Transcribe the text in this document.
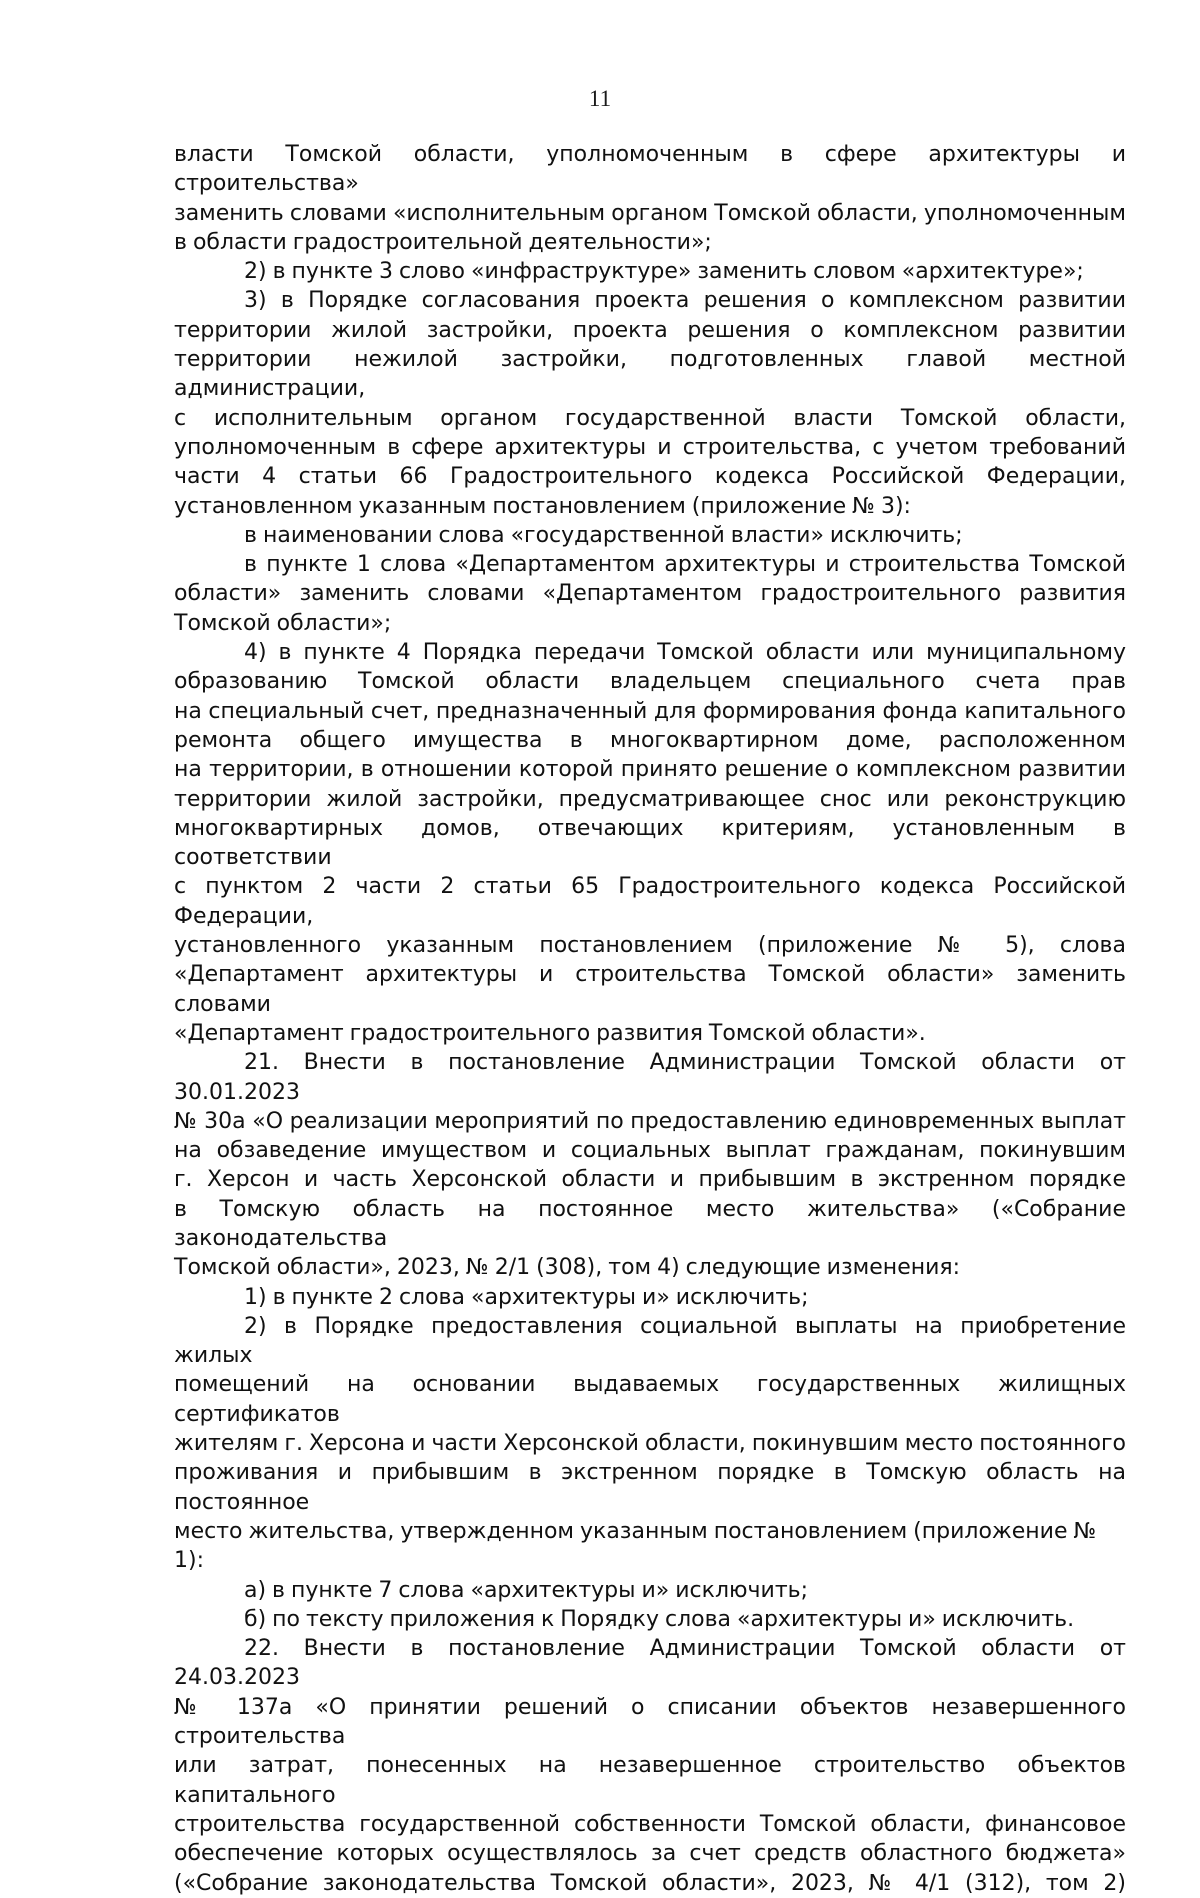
11

власти Томской области, уполномоченным в сфере архитектуры и строительства»

заменить словами «исполнительным органом Томской области, уполномоченным

в области градостроительной деятельности»;

2) в пункте 3 слово «инфраструктуре» заменить словом «архитектуре»;

3) в Порядке согласования проекта решения о комплексном развитии

территории жилой застройки, проекта решения о комплексном развитии

территории нежилой застройки, подготовленных главой местной администрации,

с исполнительным органом государственной власти Томской области,

уполномоченным в сфере архитектуры и строительства, с учетом требований

части 4 статьи 66 Градостроительного кодекса Российской Федерации,

установленном указанным постановлением (приложение № 3):

в наименовании слова «государственной власти» исключить;

в пункте 1 слова «Департаментом архитектуры и строительства Томской

области» заменить словами «Департаментом градостроительного развития

Томской области»;

4) в пункте 4 Порядка передачи Томской области или муниципальному

образованию Томской области владельцем специального счета прав

на специальный счет, предназначенный для формирования фонда капитального

ремонта общего имущества в многоквартирном доме, расположенном

на территории, в отношении которой принято решение о комплексном развитии

территории жилой застройки, предусматривающее снос или реконструкцию

многоквартирных домов, отвечающих критериям, установленным в соответствии

с пунктом 2 части 2 статьи 65 Градостроительного кодекса Российской Федерации,

установленного указанным постановлением (приложение № 5), слова

«Департамент архитектуры и строительства Томской области» заменить словами

«Департамент градостроительного развития Томской области».

21. Внести в постановление Администрации Томской области от 30.01.2023

№ 30а «О реализации мероприятий по предоставлению единовременных выплат

на обзаведение имуществом и социальных выплат гражданам, покинувшим

г. Херсон и часть Херсонской области и прибывшим в экстренном порядке

в Томскую область на постоянное место жительства» («Собрание законодательства

Томской области», 2023, № 2/1 (308), том 4) следующие изменения:

1) в пункте 2 слова «архитектуры и» исключить;

2) в Порядке предоставления социальной выплаты на приобретение жилых

помещений на основании выдаваемых государственных жилищных сертификатов

жителям г. Херсона и части Херсонской области, покинувшим место постоянного

проживания и прибывшим в экстренном порядке в Томскую область на постоянное

место жительства, утвержденном указанным постановлением (приложение № 1):

а) в пункте 7 слова «архитектуры и» исключить;

б) по тексту приложения к Порядку слова «архитектуры и» исключить.

22. Внести в постановление Администрации Томской области от 24.03.2023

№ 137а «О принятии решений о списании объектов незавершенного строительства

или затрат, понесенных на незавершенное строительство объектов капитального

строительства государственной собственности Томской области, финансовое

обеспечение которых осуществлялось за счет средств областного бюджета»

(«Собрание законодательства Томской области», 2023, № 4/1 (312), том 2)
